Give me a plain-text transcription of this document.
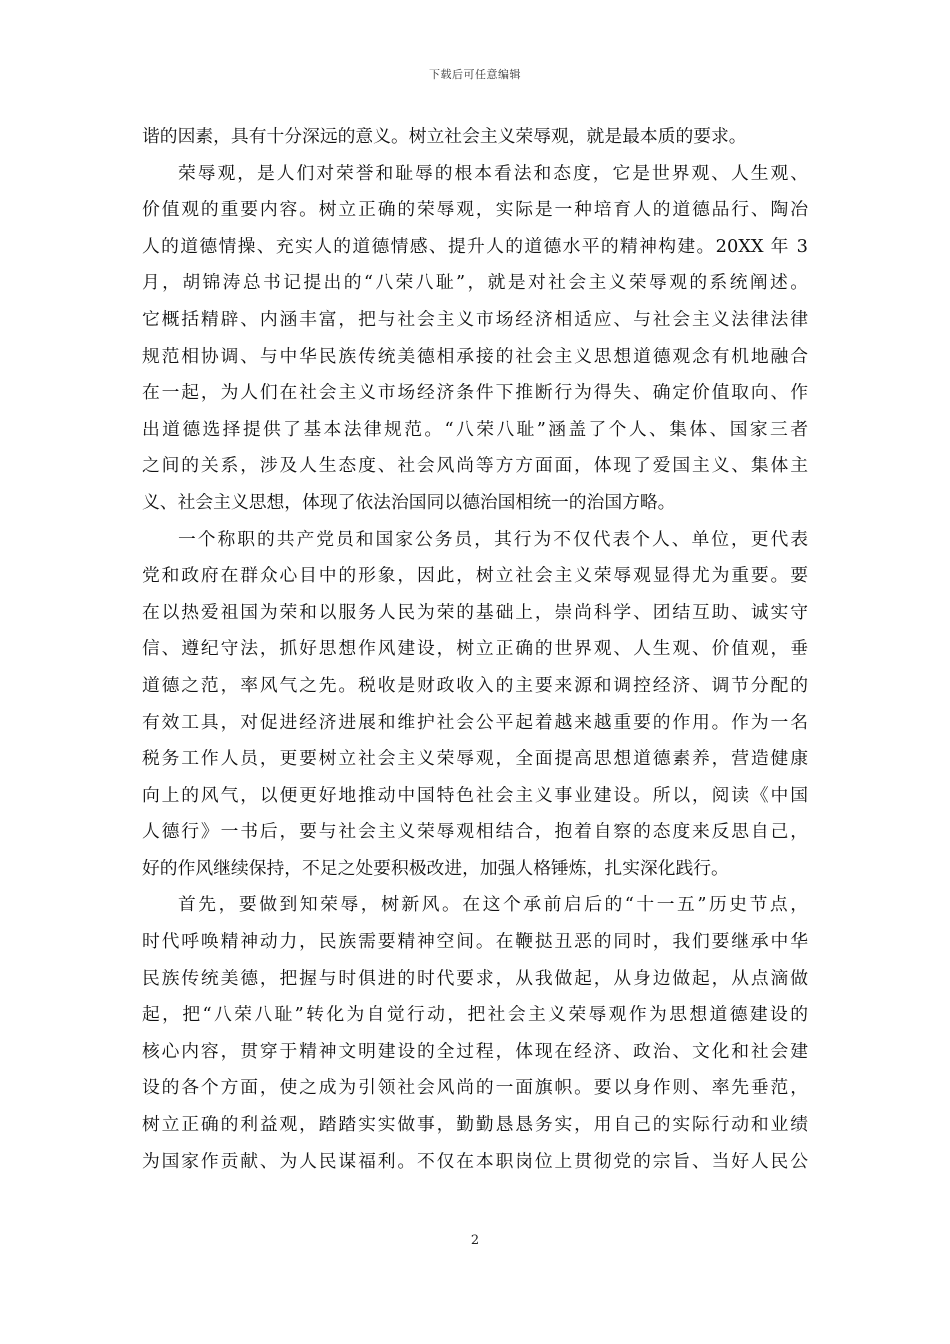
下载后可任意编辑
谐的因素，具有十分深远的意义。树立社会主义荣辱观，就是最本质的要求。
荣辱观，是人们对荣誉和耻辱的根本看法和态度，它是世界观、人生观、
价值观的重要内容。树立正确的荣辱观，实际是一种培育人的道德品行、陶冶
人的道德情操、充实人的道德情感、提升人的道德水平的精神构建。20XX 年 3
月，胡锦涛总书记提出的“八荣八耻”，就是对社会主义荣辱观的系统阐述。
它概括精辟、内涵丰富，把与社会主义市场经济相适应、与社会主义法律法律
规范相协调、与中华民族传统美德相承接的社会主义思想道德观念有机地融合
在一起，为人们在社会主义市场经济条件下推断行为得失、确定价值取向、作
出道德选择提供了基本法律规范。“八荣八耻”涵盖了个人、集体、国家三者
之间的关系，涉及人生态度、社会风尚等方方面面，体现了爱国主义、集体主
义、社会主义思想，体现了依法治国同以德治国相统一的治国方略。
一个称职的共产党员和国家公务员，其行为不仅代表个人、单位，更代表
党和政府在群众心目中的形象，因此，树立社会主义荣辱观显得尤为重要。要
在以热爱祖国为荣和以服务人民为荣的基础上，崇尚科学、团结互助、诚实守
信、遵纪守法，抓好思想作风建设，树立正确的世界观、人生观、价值观，垂
道德之范，率风气之先。税收是财政收入的主要来源和调控经济、调节分配的
有效工具，对促进经济进展和维护社会公平起着越来越重要的作用。作为一名
税务工作人员，更要树立社会主义荣辱观，全面提高思想道德素养，营造健康
向上的风气，以便更好地推动中国特色社会主义事业建设。所以，阅读《中国
人德行》一书后，要与社会主义荣辱观相结合，抱着自察的态度来反思自己，
好的作风继续保持，不足之处要积极改进，加强人格锤炼，扎实深化践行。
首先，要做到知荣辱，树新风。在这个承前启后的“十一五”历史节点，
时代呼唤精神动力，民族需要精神空间。在鞭挞丑恶的同时，我们要继承中华
民族传统美德，把握与时俱进的时代要求，从我做起，从身边做起，从点滴做
起，把“八荣八耻”转化为自觉行动，把社会主义荣辱观作为思想道德建设的
核心内容，贯穿于精神文明建设的全过程，体现在经济、政治、文化和社会建
设的各个方面，使之成为引领社会风尚的一面旗帜。要以身作则、率先垂范，
树立正确的利益观，踏踏实实做事，勤勤恳恳务实，用自己的实际行动和业绩
为国家作贡献、为人民谋福利。不仅在本职岗位上贯彻党的宗旨、当好人民公
2
